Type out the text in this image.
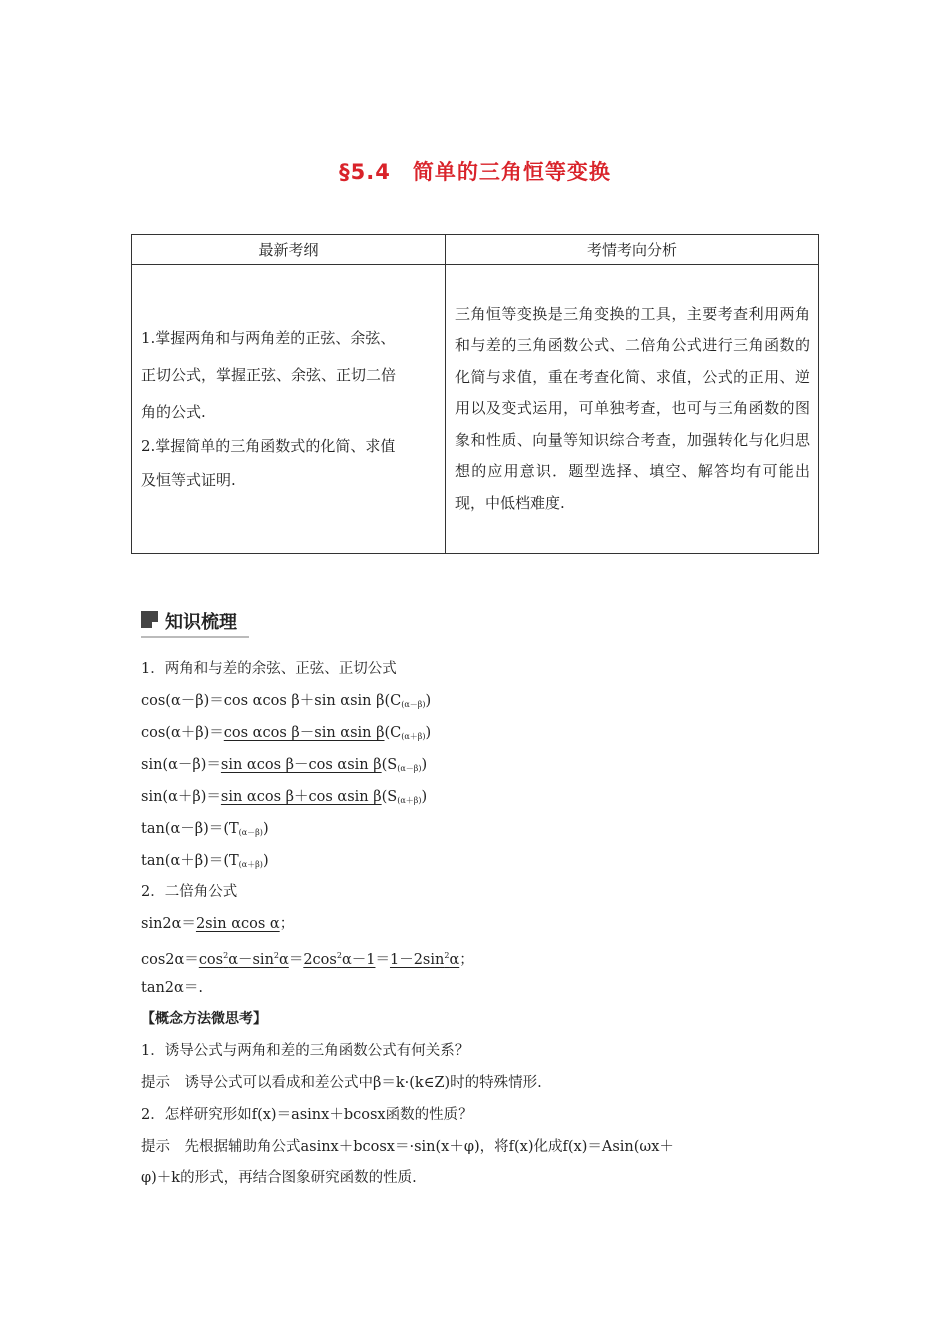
§5.4　简单的三角恒等变换
最新考纲	考情考向分析

1.掌握两角和与两角差的正弦、余弦、

正切公式，掌握正弦、余弦、正切二倍

角的公式.

2.掌握简单的三角函数式的化简、求值

及恒等式证明.	三角恒等变换是三角变换的工具，主要考查利用两角和与差的三角函数公式、二倍角公式进行三角函数的化简与求值，重在考查化简、求值，公式的正用、逆用以及变式运用，可单独考查，也可与三角函数的图象和性质、向量等知识综合考查，加强转化与化归思想的应用意识．题型选择、填空、解答均有可能出现，中低档难度.
知识梳理
1．两角和与差的余弦、正弦、正切公式
cos(α－β)＝cos αcos β＋sin αsin $\beta(C_{(\alpha-\beta)})$
cos(α＋β)＝cos αcos β－sin αsin $\beta(C_{(\alpha+\beta)})$
sin(α－β)＝sin αcos β－cos αsin $\beta(S_{(\alpha-\beta)})$
sin(α＋β)＝sin αcos β＋cos αsin $\beta(S_{(\alpha+\beta)})$
$\tan(\alpha-\beta)=(T_{(\alpha-\beta)})$
$\tan(\alpha+\beta)=(T_{(\alpha+\beta)})$
2．二倍角公式
sin2α＝2sin αcos α；
$\cos 2\alpha=\cos^2\alpha-\sin^2\alpha=2\cos^2\alpha-1=1-2\sin^2\alpha$；
tan2α＝.
【概念方法微思考】
1．诱导公式与两角和差的三角函数公式有何关系？
提示　诱导公式可以看成和差公式中β＝k·(k∈Z)时的特殊情形.
2．怎样研究形如f(x)＝asinx＋bcosx函数的性质？
提示　先根据辅助角公式asinx＋bcosx＝·sin(x＋φ)，将f(x)化成f(x)＝Asin(ωx＋
φ)＋k的形式，再结合图象研究函数的性质.
